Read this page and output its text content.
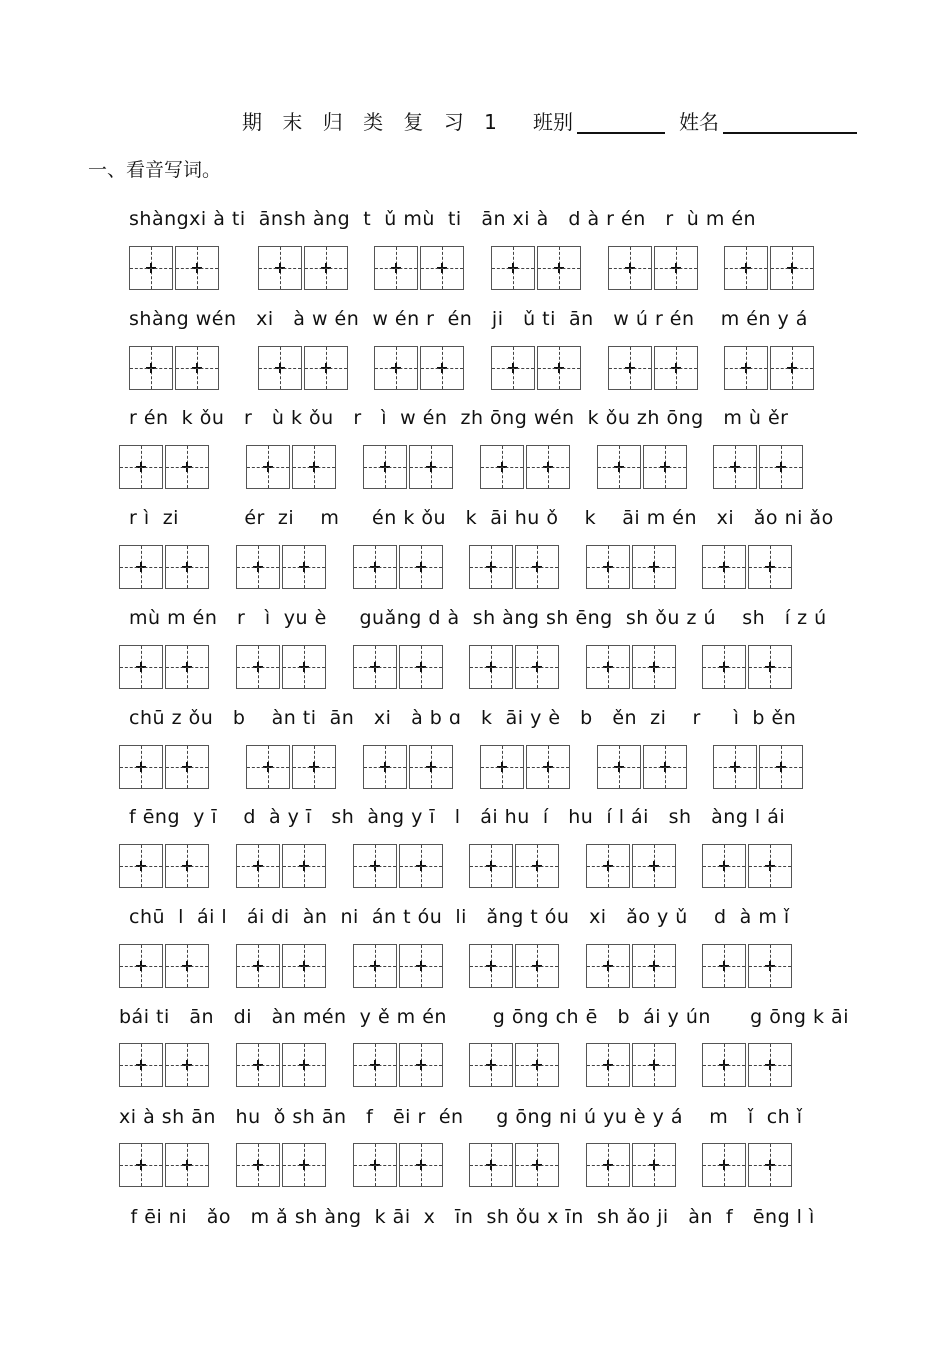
期 末 归 类 复 习 1 班别	姓名
一、看音写词。
shàngxi à ti  ānsh àng  t  ǔ mù  ti   ān xi à   d à r én   r  ù m én
shàng wén   xi   à w én  w én r  én   ji   ǔ ti  ān   w ú r én    m én y á
r én  k ǒu   r   ù k ǒu   r   ì  w én  zh ōng wén  k ǒu zh ōng   m ù ěr
r ì  zi          ér  zi    m     én k ǒu   k  āi hu ǒ    k    āi m én   xi   ǎo ni ǎo
mù m én   r   ì  yu è     guǎng d à  sh àng sh ēng  sh ǒu z ú    sh   í z ú
chū z ǒu   b    àn ti  ān   xi   à b ɑ   k  āi y è   b   ěn  zi    r     ì  b ěn
f ēng  y ī    d  à y ī   sh  àng y ī   l   ái hu  í   hu  í l ái   sh   àng l ái
chū  l  ái l   ái di  àn  ni  án t óu  li   ǎng t óu   xi   ǎo y ǔ    d  à m ǐ
bái ti   ān   di   àn mén  y ě m én       g ōng ch ē   b  ái y ún      g ōng k āi
xi à sh ān   hu  ǒ sh ān   f   ēi r  én     g ōng ni ú yu è y á    m   ǐ  ch ǐ
f ēi ni   ǎo   m ǎ sh àng  k āi  x   īn  sh ǒu x īn  sh ǎo ji   àn  f   ēng l ì
